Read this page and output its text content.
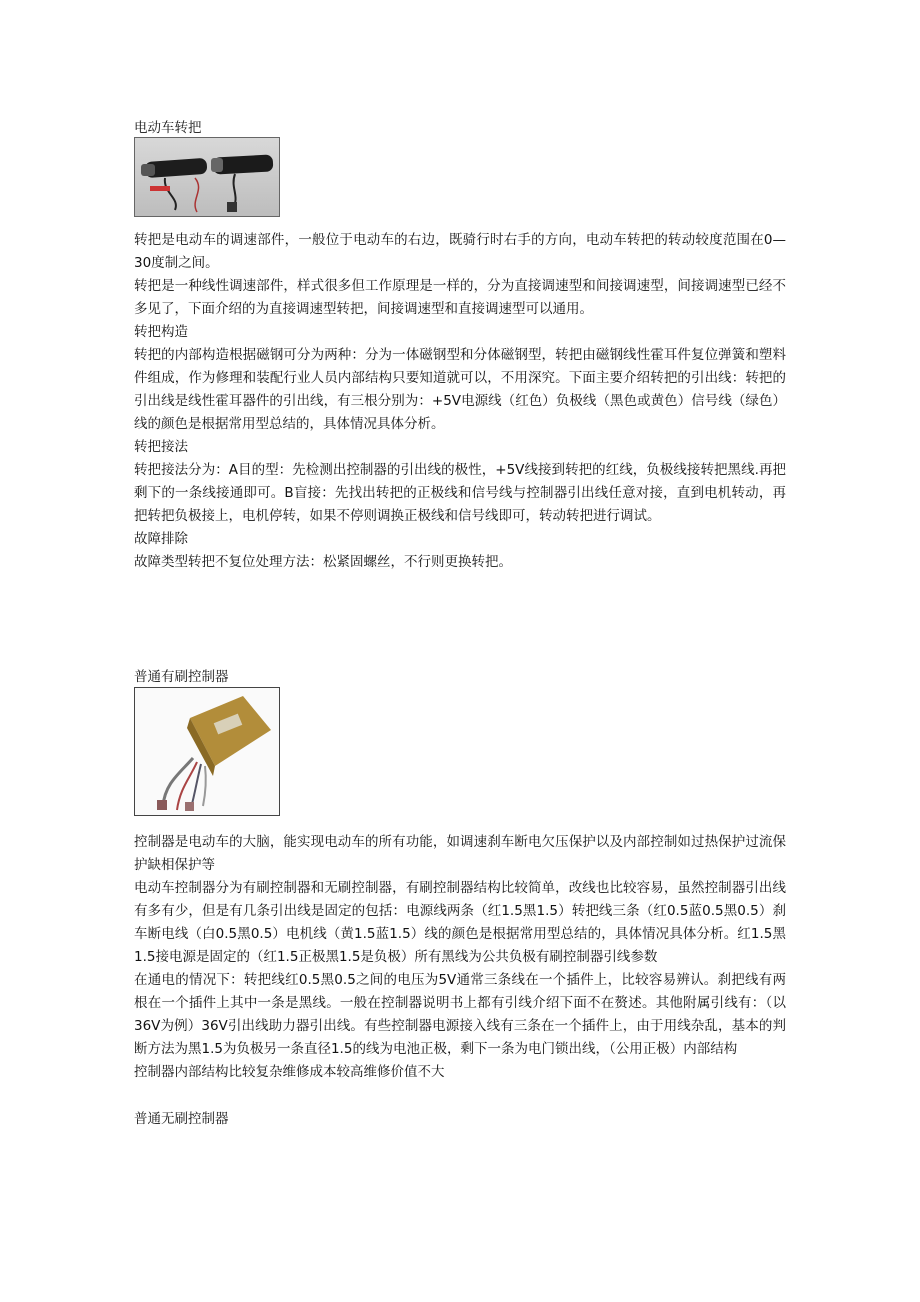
电动车转把

转把是电动车的调速部件，一般位于电动车的右边，既骑行时右手的方向，电动车转把的转动较度范围在0—30度制之间。

转把是一种线性调速部件，样式很多但工作原理是一样的，分为直接调速型和间接调速型，间接调速型已经不多见了，下面介绍的为直接调速型转把，间接调速型和直接调速型可以通用。

转把构造

转把的内部构造根据磁钢可分为两种：分为一体磁钢型和分体磁钢型，转把由磁钢线性霍耳件复位弹簧和塑料件组成，作为修理和装配行业人员内部结构只要知道就可以，不用深究。下面主要介绍转把的引出线：转把的引出线是线性霍耳器件的引出线，有三根分别为：+5V电源线（红色）负极线（黑色或黄色）信号线（绿色）线的颜色是根据常用型总结的，具体情况具体分析。

转把接法

转把接法分为：A目的型：先检测出控制器的引出线的极性，+5V线接到转把的红线，负极线接转把黑线.再把剩下的一条线接通即可。B盲接：先找出转把的正极线和信号线与控制器引出线任意对接，直到电机转动，再把转把负极接上，电机停转，如果不停则调换正极线和信号线即可，转动转把进行调试。

故障排除

故障类型转把不复位处理方法：松紧固螺丝，不行则更换转把。

普通有刷控制器

控制器是电动车的大脑，能实现电动车的所有功能，如调速刹车断电欠压保护以及内部控制如过热保护过流保护缺相保护等

电动车控制器分为有刷控制器和无刷控制器，有刷控制器结构比较简单，改线也比较容易，虽然控制器引出线有多有少，但是有几条引出线是固定的包括：电源线两条（红1.5黑1.5）转把线三条（红0.5蓝0.5黑0.5）刹车断电线（白0.5黑0.5）电机线（黄1.5蓝1.5）线的颜色是根据常用型总结的，具体情况具体分析。红1.5黑1.5接电源是固定的（红1.5正极黑1.5是负极）所有黑线为公共负极有刷控制器引线参数

在通电的情况下：转把线红0.5黑0.5之间的电压为5V通常三条线在一个插件上，比较容易辨认。刹把线有两根在一个插件上其中一条是黑线。一般在控制器说明书上都有引线介绍下面不在赘述。其他附属引线有：（以36V为例）36V引出线助力器引出线。有些控制器电源接入线有三条在一个插件上，由于用线杂乱，基本的判断方法为黑1.5为负极另一条直径1.5的线为电池正极，剩下一条为电门锁出线，（公用正极）内部结构

控制器内部结构比较复杂维修成本较高维修价值不大

普通无刷控制器
